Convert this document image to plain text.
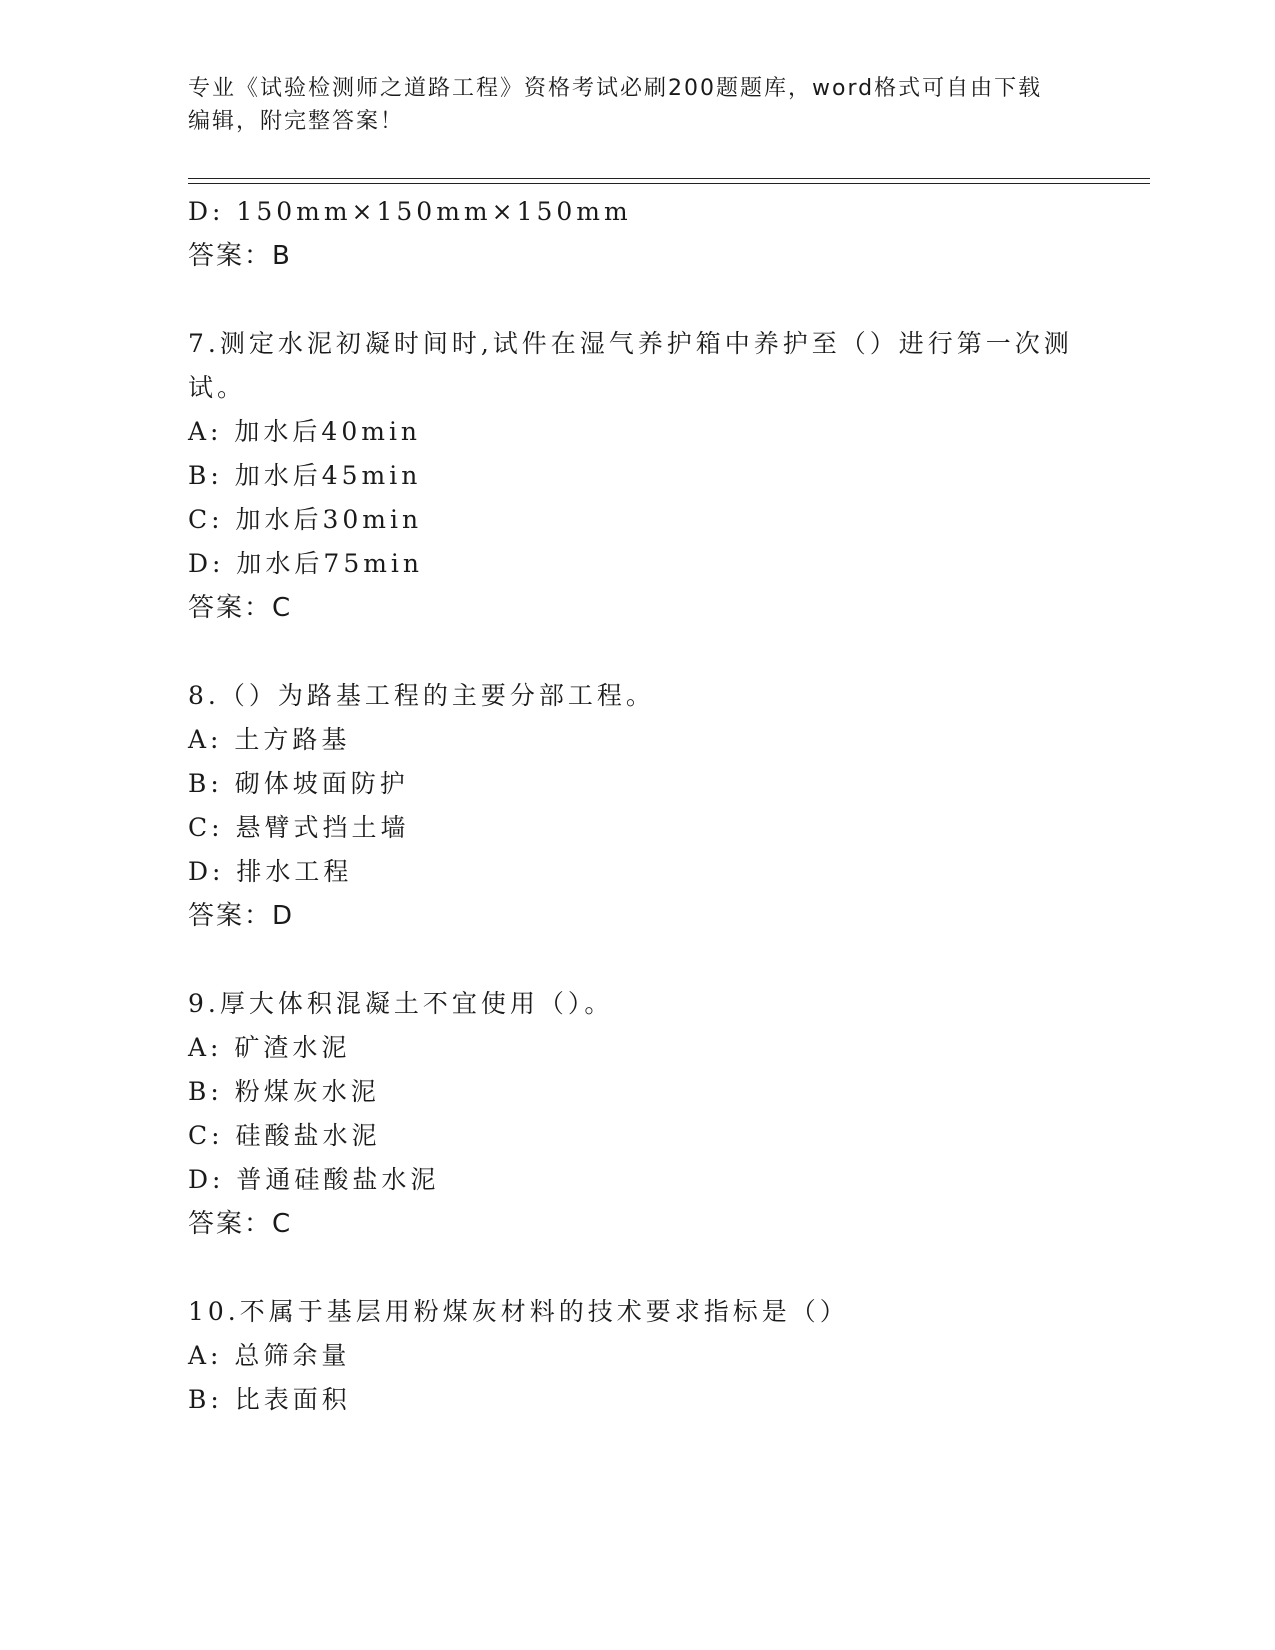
专业《试验检测师之道路工程》资格考试必刷200题题库，word格式可自由下载
编辑，附完整答案！
D: 150mm×150mm×150mm
答案：B
7.测定水泥初凝时间时,试件在湿气养护箱中养护至（）进行第一次测
试。
A: 加水后40min
B: 加水后45min
C: 加水后30min
D: 加水后75min
答案：C
8.（）为路基工程的主要分部工程。
A: 土方路基
B: 砌体坡面防护
C: 悬臂式挡土墙
D: 排水工程
答案：D
9.厚大体积混凝土不宜使用（）。
A: 矿渣水泥
B: 粉煤灰水泥
C: 硅酸盐水泥
D: 普通硅酸盐水泥
答案：C
10.不属于基层用粉煤灰材料的技术要求指标是（）
A: 总筛余量
B: 比表面积
